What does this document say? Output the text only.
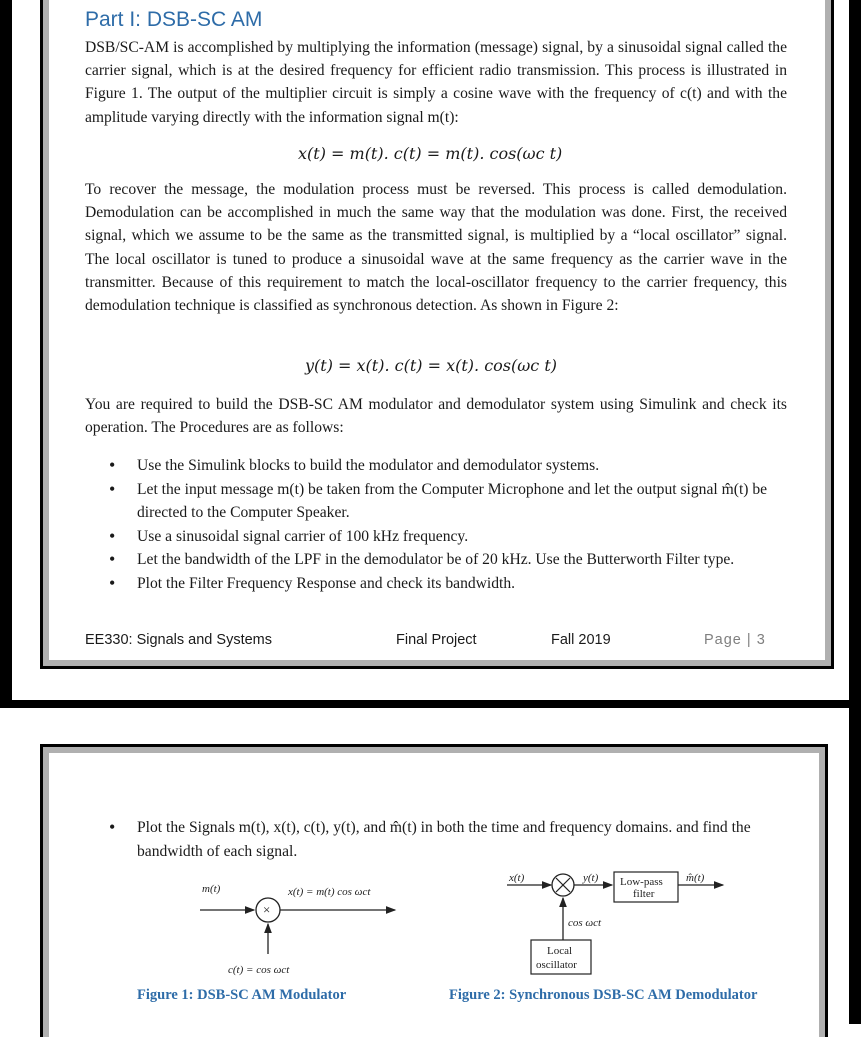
Part I: DSB-SC AM

DSB/SC-AM is accomplished by multiplying the information (message) signal, by a sinusoidal signal called the carrier signal, which is at the desired frequency for efficient radio transmission. This process is illustrated in Figure 1. The output of the multiplier circuit is simply a cosine wave with the frequency of c(t) and with the amplitude varying directly with the information signal m(t):

x(t) = m(t). c(t) = m(t). cos(ωc t)

To recover the message, the modulation process must be reversed. This process is called demodulation. Demodulation can be accomplished in much the same way that the modulation was done. First, the received signal, which we assume to be the same as the transmitted signal, is multiplied by a “local oscillator” signal. The local oscillator is tuned to produce a sinusoidal wave at the same frequency as the carrier wave in the transmitter. Because of this requirement to match the local-oscillator frequency to the carrier frequency, this demodulation technique is classified as synchronous detection. As shown in Figure 2:

y(t) = x(t). c(t) = x(t). cos(ωc t)

You are required to build the DSB-SC AM modulator and demodulator system using Simulink and check its operation. The Procedures are as follows:

• Use the Simulink blocks to build the modulator and demodulator systems.
• Let the input message m(t) be taken from the Computer Microphone and let the output signal m̂(t) be directed to the Computer Speaker.
• Use a sinusoidal signal carrier of 100 kHz frequency.
• Let the bandwidth of the LPF in the demodulator be of 20 kHz. Use the Butterworth Filter type.
• Plot the Filter Frequency Response and check its bandwidth.
EE330: Signals and Systems	Final Project	Fall 2019	Page | 3
• Plot the Signals m(t), x(t), c(t), y(t), and m̂(t) in both the time and frequency domains. and find the bandwidth of each signal.
m(t)
×
x(t) = m(t) cos ωct
c(t) = cos ωct
Figure 1: DSB-SC AM Modulator
x(t)	y(t) Low-pass
filter
m̂(t)
cos ωct
Local
oscillator
Figure 2: Synchronous DSB-SC AM Demodulator
